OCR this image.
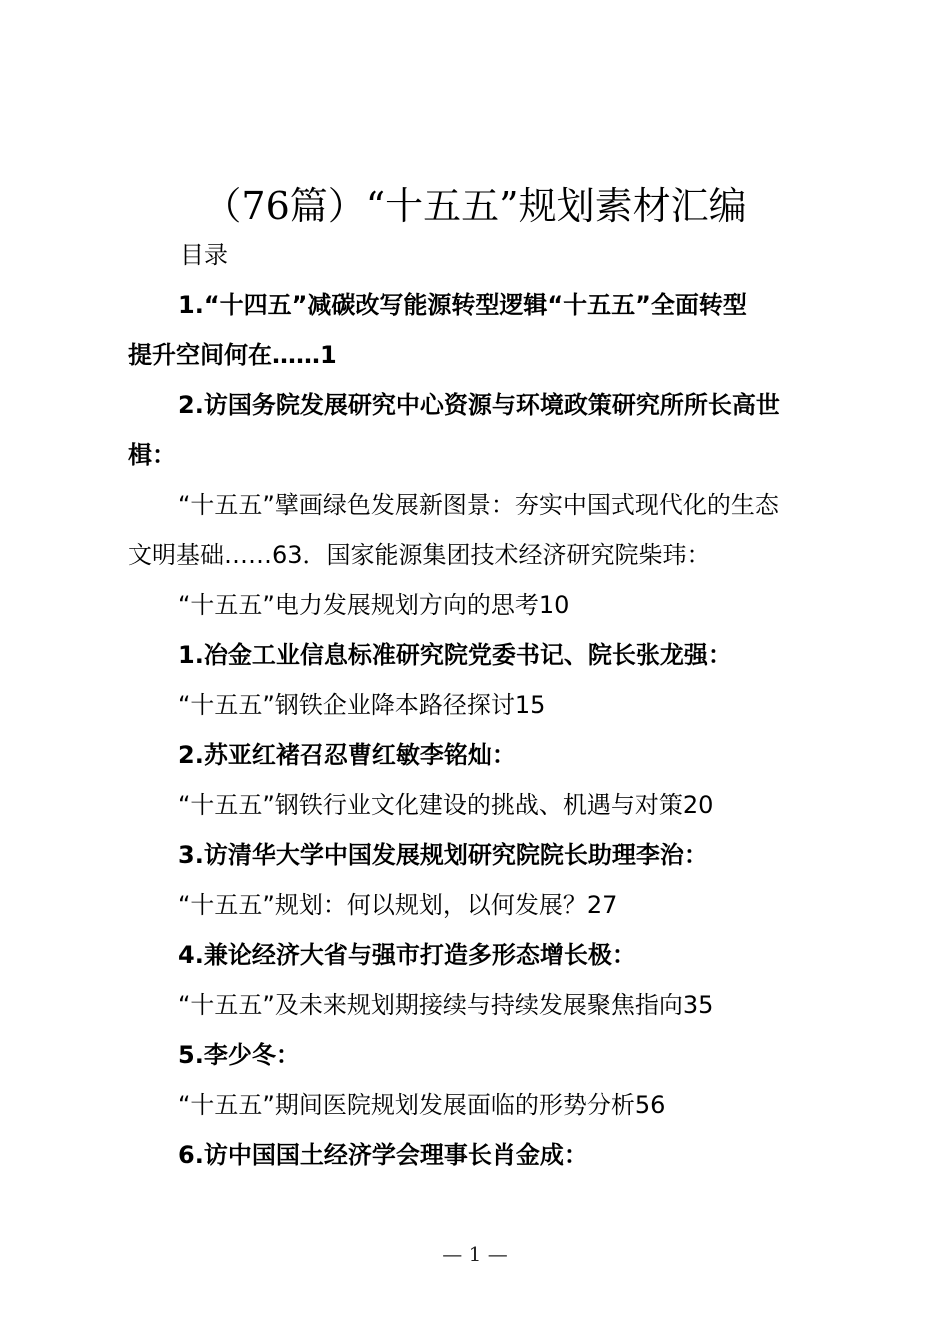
（76篇）“十五五”规划素材汇编
目录
1.“十四五”减碳改写能源转型逻辑“十五五”全面转型
提升空间何在……1
2.访国务院发展研究中心资源与环境政策研究所所长高世
楫：
“十五五”擘画绿色发展新图景：夯实中国式现代化的生态
文明基础……63．国家能源集团技术经济研究院柴玮：
“十五五”电力发展规划方向的思考10
1.冶金工业信息标准研究院党委书记、院长张龙强：
“十五五”钢铁企业降本路径探讨15
2.苏亚红褚召忍曹红敏李铭灿：
“十五五”钢铁行业文化建设的挑战、机遇与对策20
3.访清华大学中国发展规划研究院院长助理李治：
“十五五”规划：何以规划，以何发展？27
4.兼论经济大省与强市打造多形态增长极：
“十五五”及未来规划期接续与持续发展聚焦指向35
5.李少冬：
“十五五”期间医院规划发展面临的形势分析56
6.访中国国土经济学会理事长肖金成：
— 1 —
